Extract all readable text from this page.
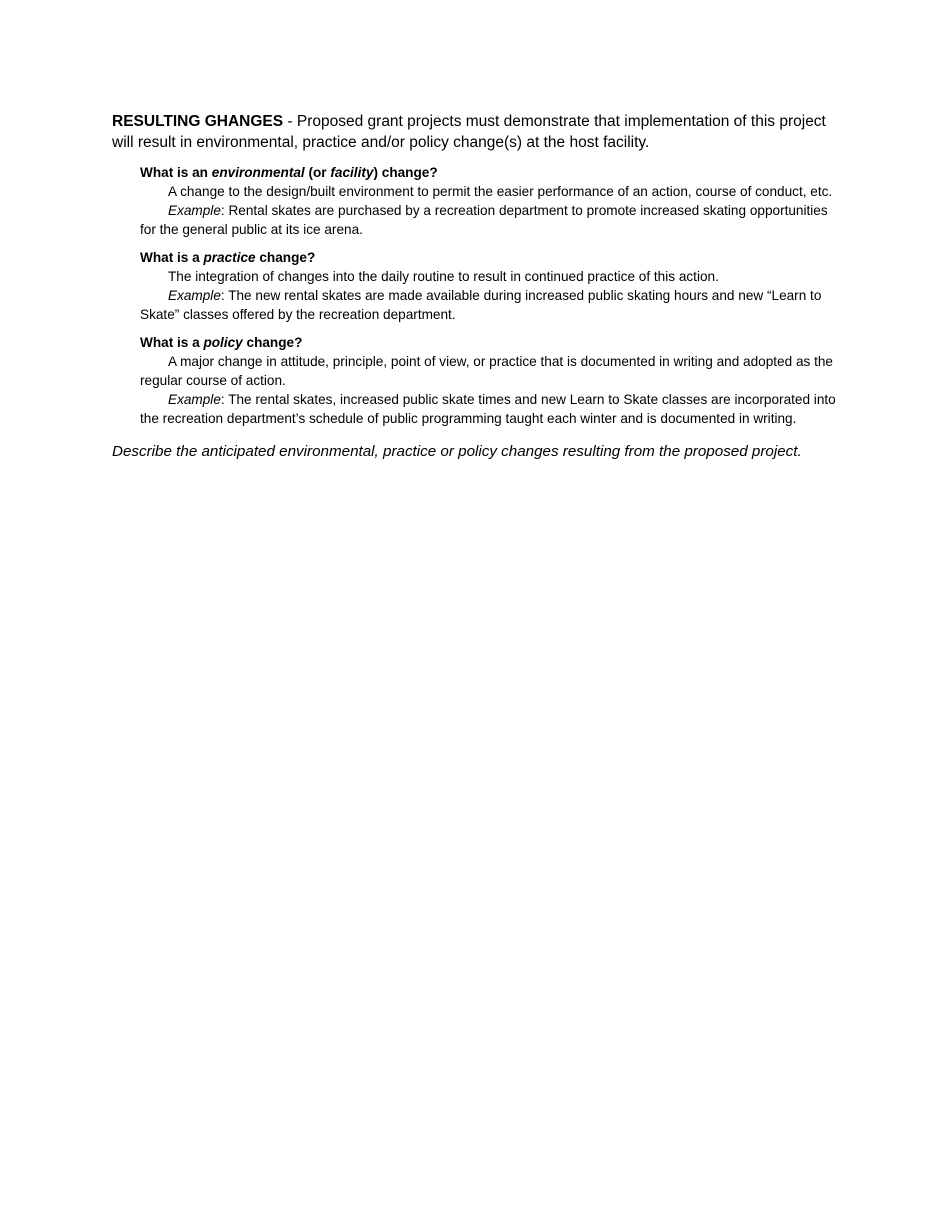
RESULTING GHANGES - Proposed grant projects must demonstrate that implementation of this project will result in environmental, practice and/or policy change(s) at the host facility.

What is an environmental (or facility) change?

A change to the design/built environment to permit the easier performance of an action, course of conduct, etc.

Example: Rental skates are purchased by a recreation department to promote increased skating opportunities for the general public at its ice arena.

What is a practice change?

The integration of changes into the daily routine to result in continued practice of this action.

Example: The new rental skates are made available during increased public skating hours and new “Learn to Skate” classes offered by the recreation department.

What is a policy change?

A major change in attitude, principle, point of view, or practice that is documented in writing and adopted as the regular course of action.

Example: The rental skates, increased public skate times and new Learn to Skate classes are incorporated into the recreation department’s schedule of public programming taught each winter and is documented in writing.

Describe the anticipated environmental, practice or policy changes resulting from the proposed project.
